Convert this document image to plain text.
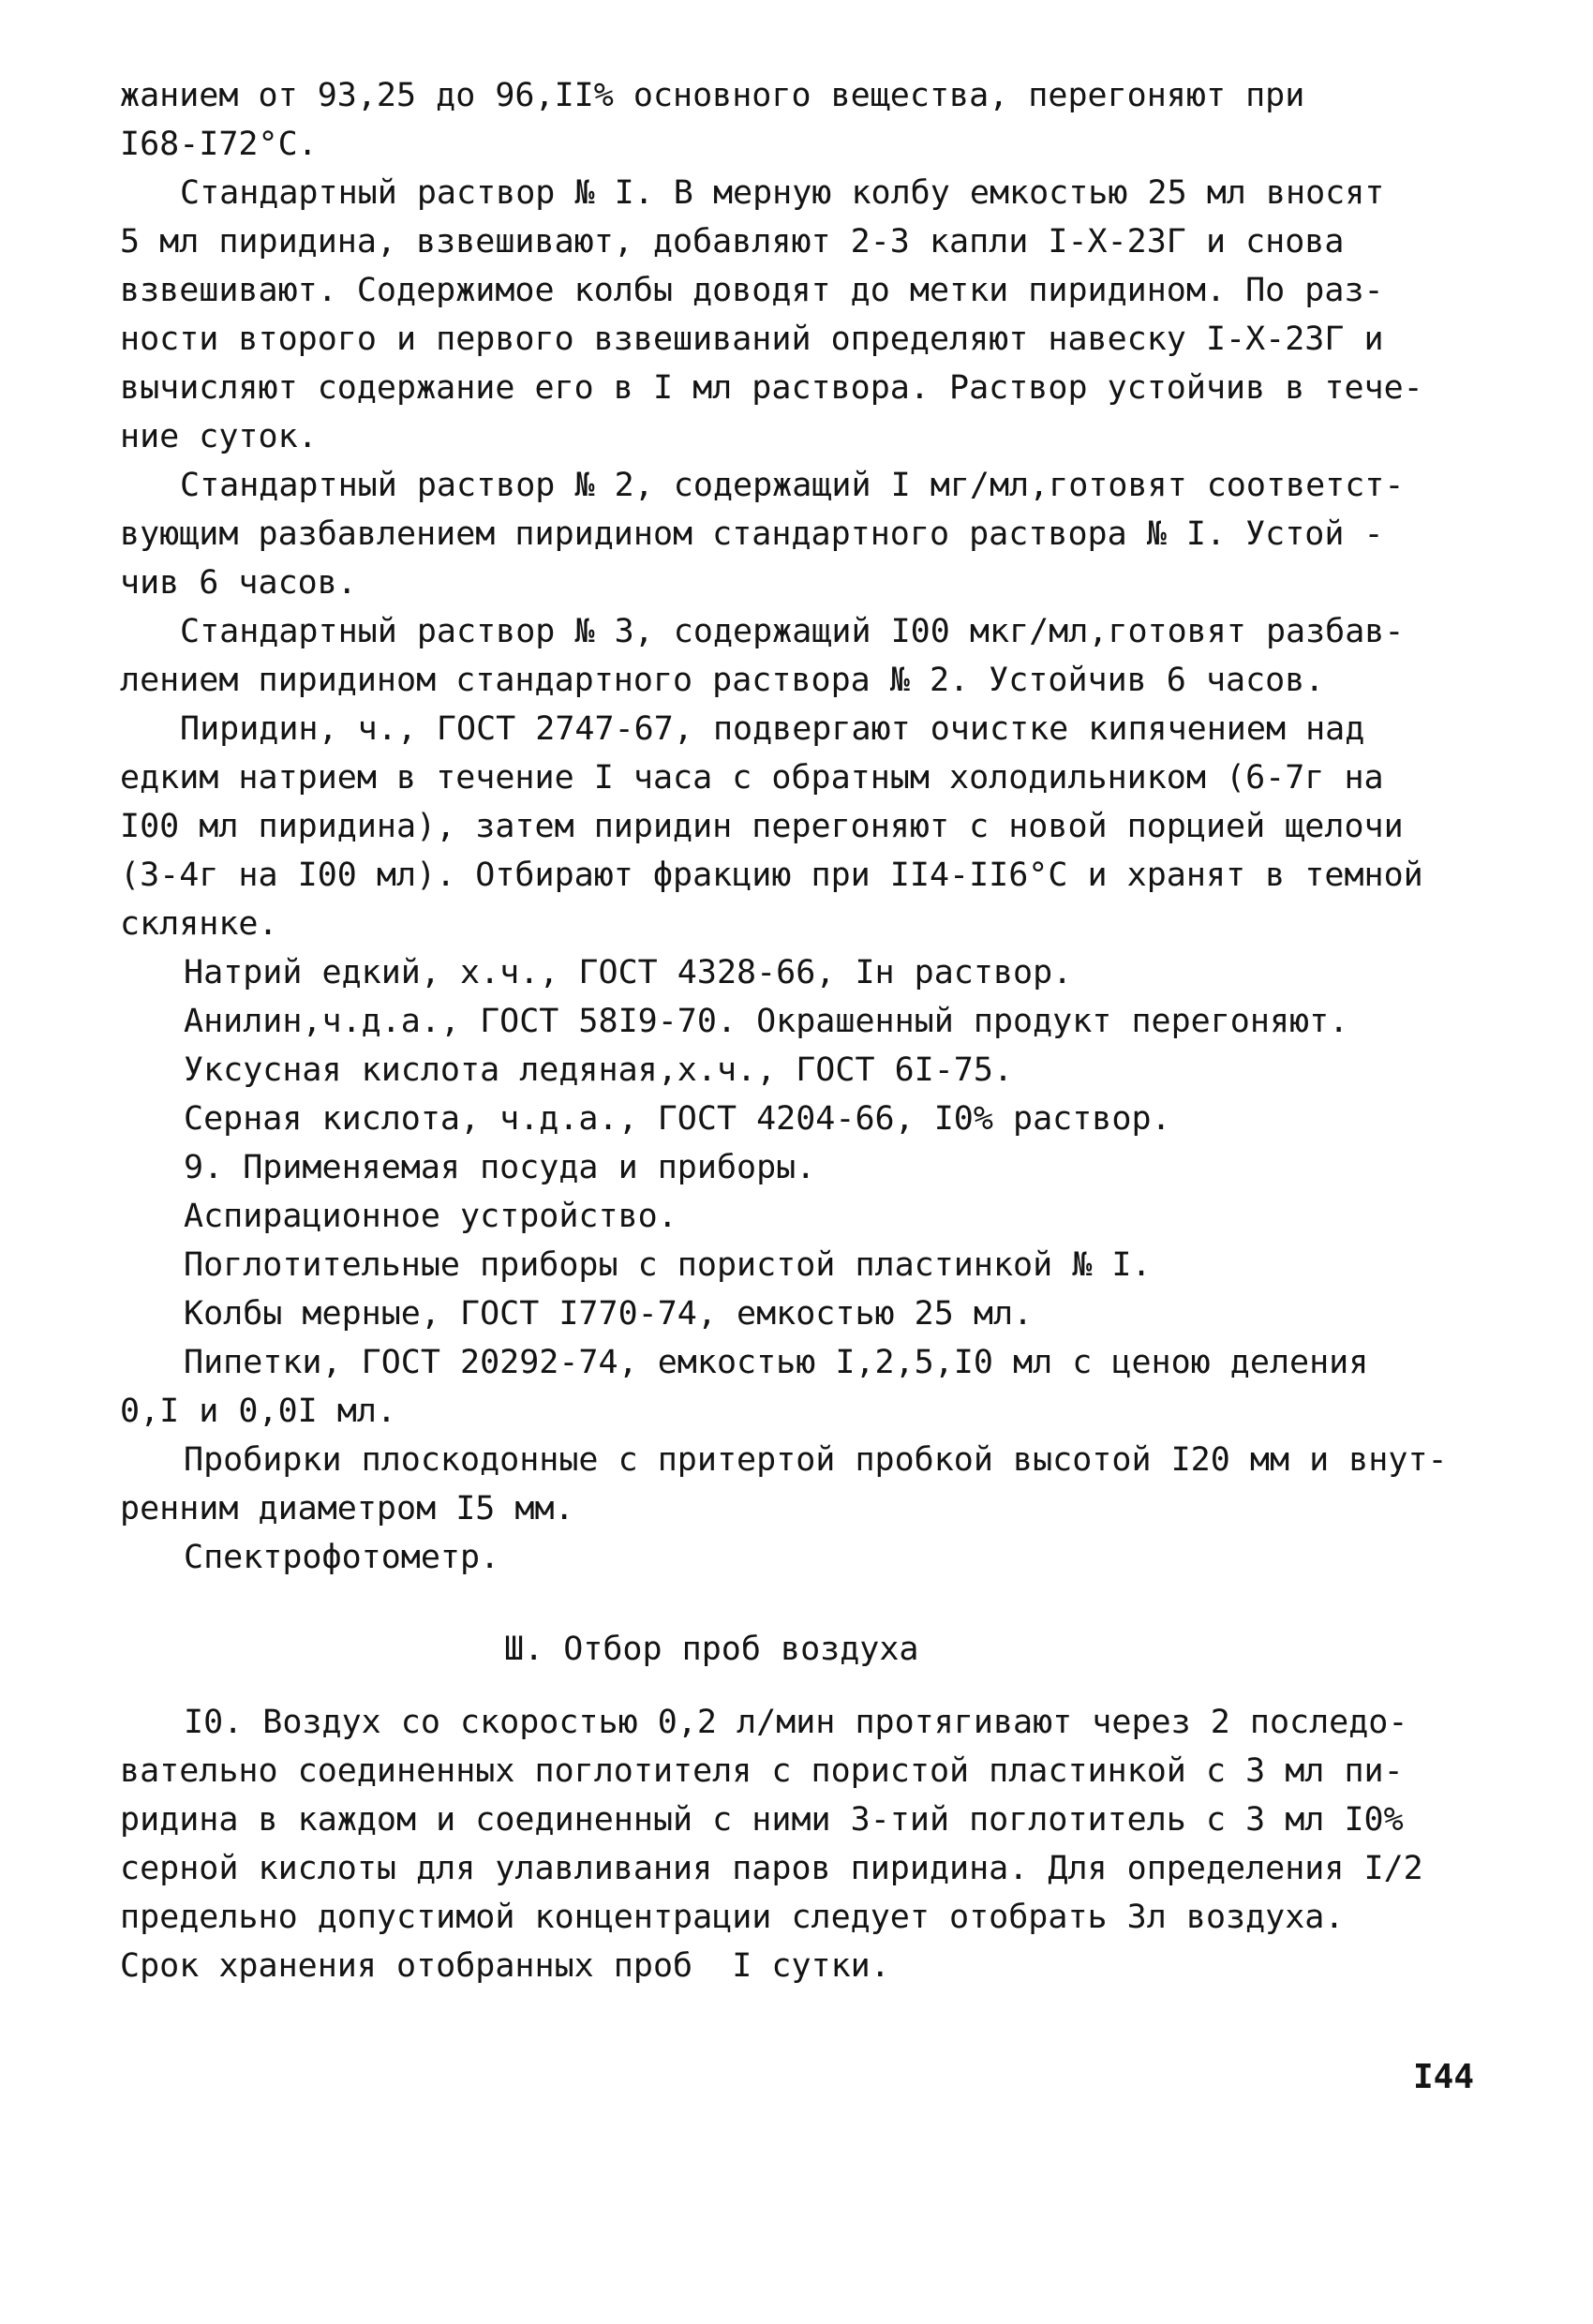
жанием от 93,25 до 96,II% основного вещества, перегоняют при
I68-I72°С.
Стандартный раствор № I. В мерную колбу емкостью 25 мл вносят
5 мл пиридина, взвешивают, добавляют 2-3 капли I-Х-23Г и снова
взвешивают. Содержимое колбы доводят до метки пиридином. По раз-
ности второго и первого взвешиваний определяют навеску I-Х-23Г и
вычисляют содержание его в I мл раствора. Раствор устойчив в тече-
ние суток.
Стандартный раствор № 2, содержащий I мг/мл,готовят соответст-
вующим разбавлением пиридином стандартного раствора № I. Устой -
чив 6 часов.
Стандартный раствор № 3, содержащий I00 мкг/мл,готовят разбав-
лением пиридином стандартного раствора № 2. Устойчив 6 часов.
Пиридин, ч., ГОСТ 2747-67, подвергают очистке кипячением над
едким натрием в течение I часа с обратным холодильником (6-7г на
I00 мл пиридина), затем пиридин перегоняют с новой порцией щелочи
(3-4г на I00 мл). Отбирают фракцию при II4-II6°С и хранят в темной
склянке.
Натрий едкий, х.ч., ГОСТ 4328-66, Iн раствор.
Анилин,ч.д.а., ГОСТ 58I9-70. Окрашенный продукт перегоняют.
Уксусная кислота ледяная,х.ч., ГОСТ 6I-75.
Серная кислота, ч.д.а., ГОСТ 4204-66, I0% раствор.
9. Применяемая посуда и приборы.
Аспирационное устройство.
Поглотительные приборы с пористой пластинкой № I.
Колбы мерные, ГОСТ I770-74, емкостью 25 мл.
Пипетки, ГОСТ 20292-74, емкостью I,2,5,I0 мл с ценою деления
0,I и 0,0I мл.
Пробирки плоскодонные с притертой пробкой высотой I20 мм и внут-
ренним диаметром I5 мм.
Спектрофотометр.
Ш. Отбор проб воздуха
I0. Воздух со скоростью 0,2 л/мин протягивают через 2 последо-
вательно соединенных поглотителя с пористой пластинкой с 3 мл пи-
ридина в каждом и соединенный с ними 3-тий поглотитель с 3 мл I0%
серной кислоты для улавливания паров пиридина. Для определения I/2
предельно допустимой концентрации следует отобрать 3л воздуха.
Срок хранения отобранных проб  I сутки.
I44
